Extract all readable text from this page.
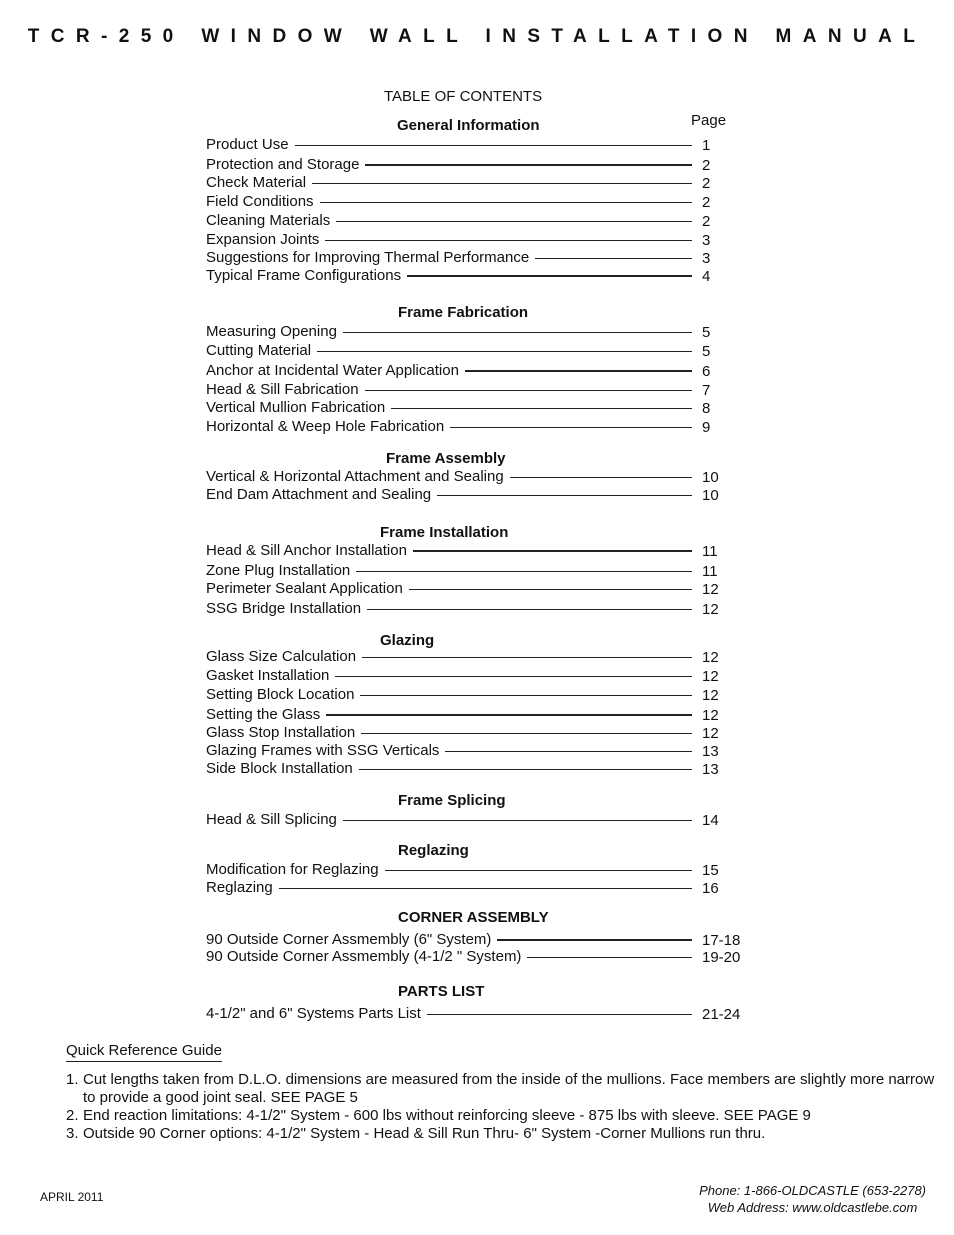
TCR-250 WINDOW WALL INSTALLATION MANUAL
TABLE OF CONTENTS
Page
General Information
Product Use	1
Protection and Storage	2
Check Material	2
Field Conditions	2
Cleaning Materials	2
Expansion Joints	3
Suggestions for Improving Thermal Performance	3
Typical Frame Configurations	4
Frame Fabrication
Measuring Opening	5
Cutting Material	5
Anchor at Incidental Water Application	6
Head & Sill Fabrication	7
Vertical Mullion Fabrication	8
Horizontal & Weep Hole Fabrication	9
Frame Assembly
Vertical & Horizontal Attachment and Sealing	10
End Dam Attachment and Sealing	10
Frame Installation
Head & Sill Anchor Installation	11
Zone Plug Installation	11
Perimeter Sealant Application	12
SSG Bridge Installation	12
Glazing
Glass Size Calculation	12
Gasket Installation	12
Setting Block Location	12
Setting the Glass	12
Glass Stop Installation	12
Glazing Frames with SSG Verticals	13
Side Block Installation	13
Frame Splicing
Head & Sill Splicing	14
Reglazing
Modification for Reglazing	15
Reglazing	16
CORNER ASSEMBLY
90 Outside Corner Assmembly (6" System)	17-18
90 Outside Corner Assmembly (4-1/2 " System)	19-20
PARTS LIST
4-1/2" and 6" Systems Parts List	21-24
Quick Reference Guide
1. Cut lengths taken from D.L.O. dimensions are measured from the inside of the mullions. Face members are slightly more narrow to provide a good joint seal. SEE PAGE 5
2. End reaction limitations: 4-1/2" System - 600 lbs without reinforcing sleeve - 875 lbs with sleeve. SEE PAGE 9
3. Outside 90 Corner options: 4-1/2" System - Head & Sill Run Thru- 6" System -Corner Mullions run thru.
APRIL 2011	Phone: 1-866-OLDCASTLE (653-2278)
Web Address: www.oldcastlebe.com
